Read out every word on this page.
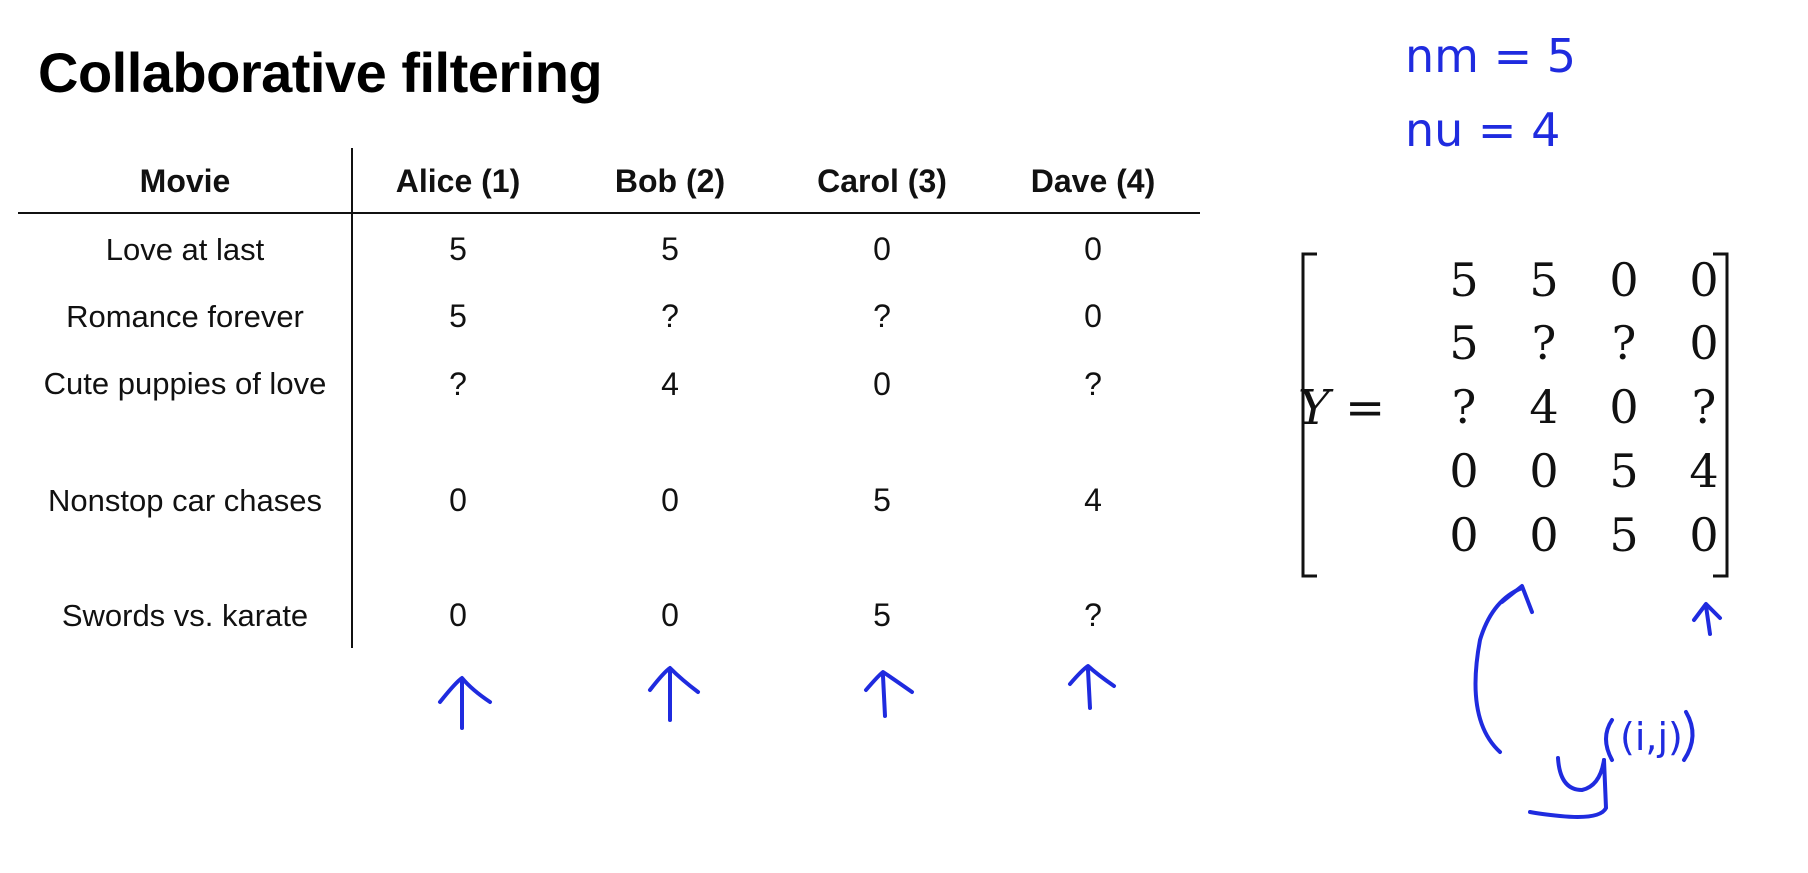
Collaborative filtering
Movie	Alice (1)	Bob (2)	Carol (3)	Dave (4)
Love at last	5	5	0	0
Romance forever	5	?	?	0
Cute puppies of love	?	4	0	?
Nonstop car chases	0	0	5	4
Swords vs. karate	0	0	5	?
Y =
5	5	0	0
5	?	?	0
?	4	0	?
0	0	5	4
0	0	5	0
nm = 5
nu = 4
y
(i,j)
